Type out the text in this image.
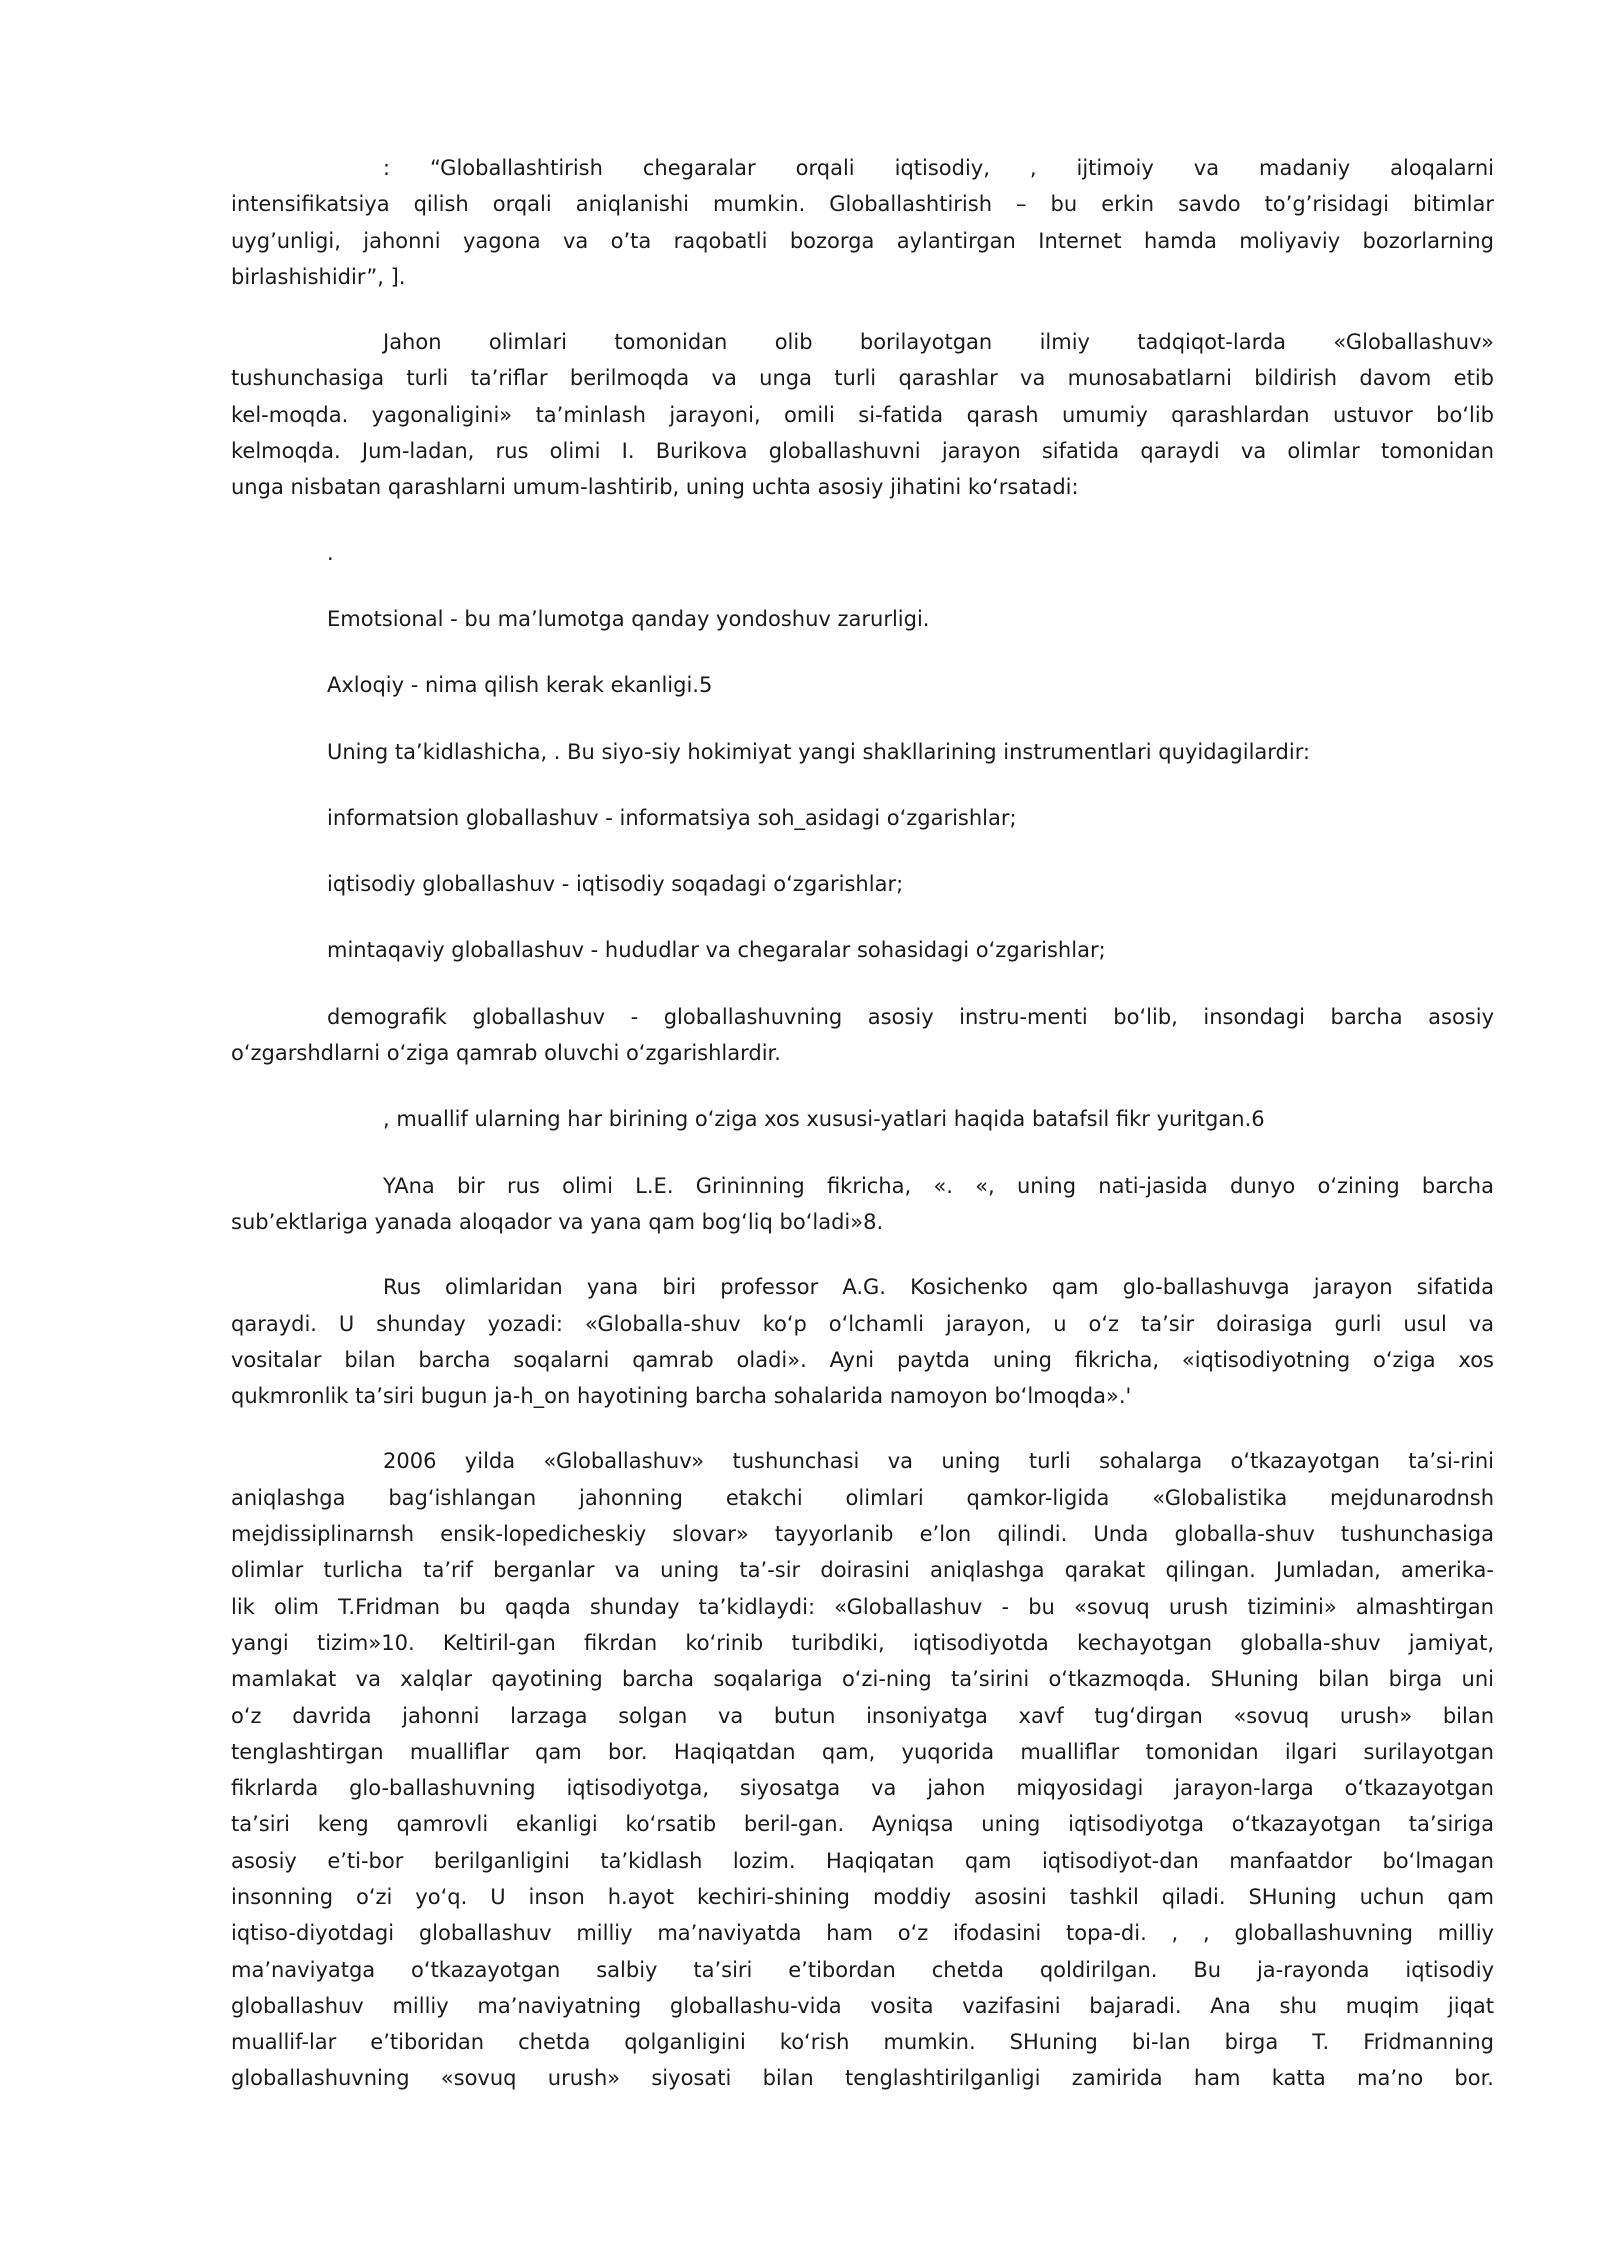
: “Globallashtirish chegaralar orqali iqtisodiy, , ijtimoiy va madaniy aloqalarni

intensifikatsiya qilish orqali aniqlanishi mumkin. Globallashtirish – bu erkin savdo to’g’risidagi bitimlar

uyg’unligi, jahonni yagona va o’ta raqobatli bozorga aylantirgan Internet hamda moliyaviy bozorlarning

birlashishidir”, ].

Jahon olimlari tomonidan olib borilayotgan ilmiy tadqiqot-larda «Globallashuv»

tushunchasiga turli ta’riflar berilmoqda va unga turli qarashlar va munosabatlarni bildirish davom etib

kel-moqda. yagonaligini» ta’minlash jarayoni, omili si-fatida qarash umumiy qarashlardan ustuvor boʻlib

kelmoqda. Jum-ladan, rus olimi I. Burikova globallashuvni jarayon sifatida qaraydi va olimlar tomonidan

unga nisbatan qarashlarni umum-lashtirib, uning uchta asosiy jihatini koʻrsatadi:

.

Emotsional - bu ma’lumotga qanday yondoshuv zarurligi.

Axloqiy - nima qilish kerak ekanligi.5

Uning ta’kidlashicha, . Bu siyo-siy hokimiyat yangi shakllarining instrumentlari quyidagilardir:

informatsion globallashuv - informatsiya soh_asidagi oʻzgarishlar;

iqtisodiy globallashuv - iqtisodiy soqadagi oʻzgarishlar;

mintaqaviy globallashuv - hududlar va chegaralar sohasidagi oʻzgarishlar;

demografik globallashuv - globallashuvning asosiy instru-menti boʻlib, insondagi barcha asosiy

oʻzgarshdlarni oʻziga qamrab oluvchi oʻzgarishlardir.

, muallif ularning har birining oʻziga xos xususi-yatlari haqida batafsil fikr yuritgan.6

YAna bir rus olimi L.E. Grininning fikricha, «. «, uning nati-jasida dunyo oʻzining barcha

sub’ektlariga yanada aloqador va yana qam bogʻliq boʻladi»8.

Rus olimlaridan yana biri professor A.G. Kosichenko qam glo-ballashuvga jarayon sifatida

qaraydi. U shunday yozadi: «Globalla-shuv koʻp oʻlchamli jarayon, u oʻz ta’sir doirasiga gurli usul va

vositalar bilan barcha soqalarni qamrab oladi». Ayni paytda uning fikricha, «iqtisodiyotning oʻziga xos

qukmronlik ta’siri bugun ja-h_on hayotining barcha sohalarida namoyon boʻlmoqda».'

2006 yilda «Globallashuv» tushunchasi va uning turli sohalarga oʻtkazayotgan ta’si-rini

aniqlashga bagʻishlangan jahonning etakchi olimlari qamkor-ligida «Globalistika mejdunarodnsh

mejdissiplinarnsh ensik-lopedicheskiy slovar» tayyorlanib e’lon qilindi. Unda globalla-shuv tushunchasiga

olimlar turlicha ta’rif berganlar va uning ta’-sir doirasini aniqlashga qarakat qilingan. Jumladan, amerika-

lik olim T.Fridman bu qaqda shunday ta’kidlaydi: «Globallashuv - bu «sovuq urush tizimini» almashtirgan

yangi tizim»10. Keltiril-gan fikrdan koʻrinib turibdiki, iqtisodiyotda kechayotgan globalla-shuv jamiyat,

mamlakat va xalqlar qayotining barcha soqalariga oʻzi-ning ta’sirini oʻtkazmoqda. SHuning bilan birga uni

oʻz davrida jahonni larzaga solgan va butun insoniyatga xavf tugʻdirgan «sovuq urush» bilan

tenglashtirgan mualliflar qam bor. Haqiqatdan qam, yuqorida mualliflar tomonidan ilgari surilayotgan

fikrlarda glo-ballashuvning iqtisodiyotga, siyosatga va jahon miqyosidagi jarayon-larga oʻtkazayotgan

ta’siri keng qamrovli ekanligi koʻrsatib beril-gan. Ayniqsa uning iqtisodiyotga oʻtkazayotgan ta’siriga

asosiy e’ti-bor berilganligini ta’kidlash lozim. Haqiqatan qam iqtisodiyot-dan manfaatdor boʻlmagan

insonning oʻzi yoʻq. U inson h.ayot kechiri-shining moddiy asosini tashkil qiladi. SHuning uchun qam

iqtiso-diyotdagi globallashuv milliy ma’naviyatda ham oʻz ifodasini topa-di. , , globallashuvning milliy

ma’naviyatga oʻtkazayotgan salbiy ta’siri e’tibordan chetda qoldirilgan. Bu ja-rayonda iqtisodiy

globallashuv milliy ma’naviyatning globallashu-vida vosita vazifasini bajaradi. Ana shu muqim jiqat

muallif-lar e’tiboridan chetda qolganligini koʻrish mumkin. SHuning bi-lan birga T. Fridmanning

globallashuvning «sovuq urush» siyosati bilan tenglashtirilganligi zamirida ham katta ma’no bor.
